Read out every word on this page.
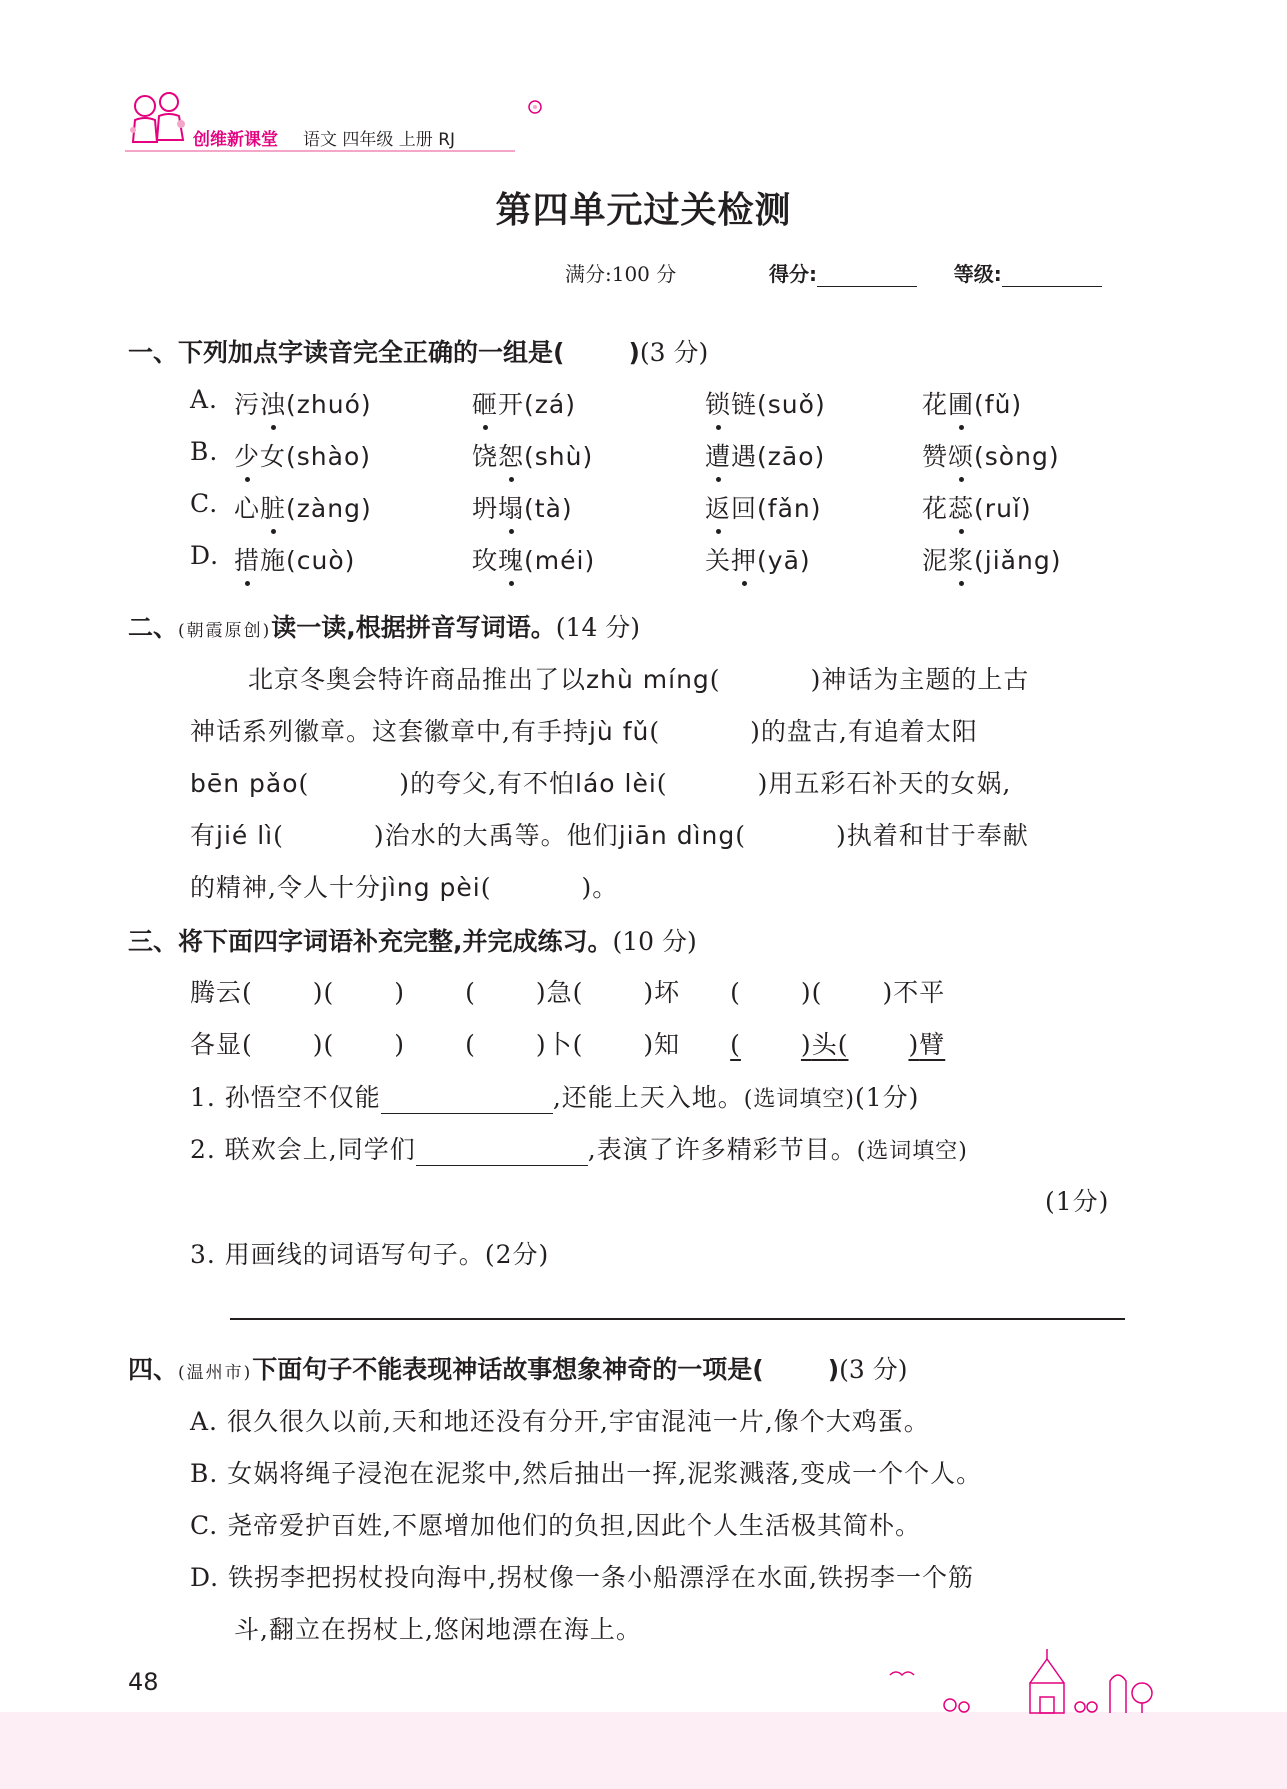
创维新课堂 语文 四年级 上册 RJ
第四单元过关检测
满分:100 分	得分:	等级:
一、下列加点字读音完全正确的一组是(	)(3 分)
A. 污浊(zhuó)	砸开(zá)	锁链(suǒ)	花圃(fǔ)
B. 少女(shào)	饶恕(shù)	遭遇(zāo)	赞颂(sòng)
C. 心脏(zàng)	坍塌(tà)	返回(fǎn)	花蕊(ruǐ)
D. 措施(cuò)	玫瑰(méi)	关押(yā)	泥浆(jiǎng)
二、(朝霞原创)读一读,根据拼音写词语。(14 分)
北京冬奥会特许商品推出了以zhù míng(	)神话为主题的上古
神话系列徽章。这套徽章中,有手持jù fǔ(	)的盘古,有追着太阳
bēn pǎo(	)的夸父,有不怕láo lèi(	)用五彩石补天的女娲,
有jié lì(	)治水的大禹等。他们jiān dìng(	)执着和甘于奉献
的精神,令人十分jìng pèi(	)。
三、将下面四字词语补充完整,并完成练习。(10 分)
腾云( )( ) ( )急( )坏 ( )( )不平
各显( )( ) ( )卜( )知 ( )头( )臂
1. 孙悟空不仅能	,还能上天入地。(选词填空)(1分)
2. 联欢会上,同学们	,表演了许多精彩节目。(选词填空)
(1分)
3. 用画线的词语写句子。(2分)
四、(温州市)下面句子不能表现神话故事想象神奇的一项是(	)(3 分)
A. 很久很久以前,天和地还没有分开,宇宙混沌一片,像个大鸡蛋。
B. 女娲将绳子浸泡在泥浆中,然后抽出一挥,泥浆溅落,变成一个个人。
C. 尧帝爱护百姓,不愿增加他们的负担,因此个人生活极其简朴。
D. 铁拐李把拐杖投向海中,拐杖像一条小船漂浮在水面,铁拐李一个筋
斗,翻立在拐杖上,悠闲地漂在海上。
48
